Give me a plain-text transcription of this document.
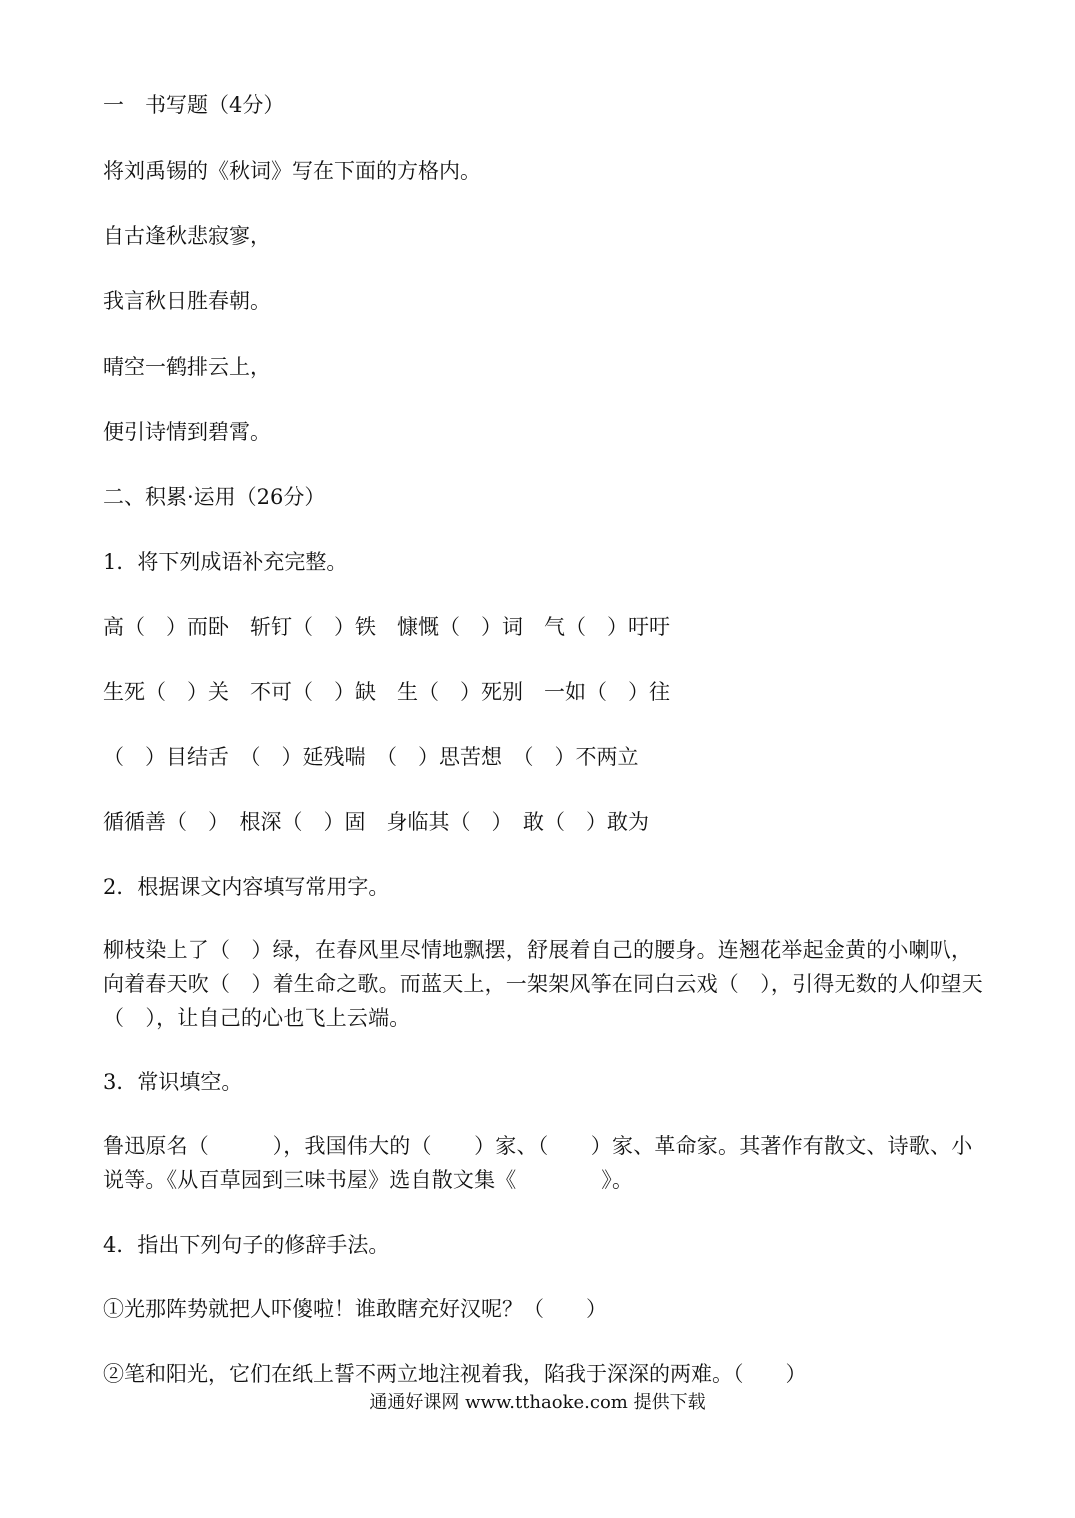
一　书写题（4分）

将刘禹锡的《秋词》写在下面的方格内。

自古逢秋悲寂寥，

我言秋日胜春朝。

晴空一鹤排云上，

便引诗情到碧霄。

二、积累·运用（26分）

1．将下列成语补充完整。

高（　）而卧　斩钉（　）铁　慷慨（　）词　气（　）吁吁

生死（　）关　不可（　）缺　生（　）死别　一如（　）往

（　）目结舌　（　）延残喘　（　）思苦想　（　）不两立

循循善（　）　根深（　）固　身临其（　）　敢（　）敢为

2．根据课文内容填写常用字。

柳枝染上了（　）绿，在春风里尽情地飘摆，舒展着自己的腰身。连翘花举起金黄的小喇叭，向着春天吹（　）着生命之歌。而蓝天上，一架架风筝在同白云戏（　），引得无数的人仰望天（　），让自己的心也飞上云端。

3．常识填空。

鲁迅原名（　　　），我国伟大的（　　）家、（　　）家、革命家。其著作有散文、诗歌、小说等。《从百草园到三味书屋》选自散文集《　　　　》。

4．指出下列句子的修辞手法。

①光那阵势就把人吓傻啦！谁敢瞎充好汉呢？（　　）

②笔和阳光，它们在纸上誓不两立地注视着我，陷我于深深的两难。（　　）

通通好课网 www.tthaoke.com 提供下载
